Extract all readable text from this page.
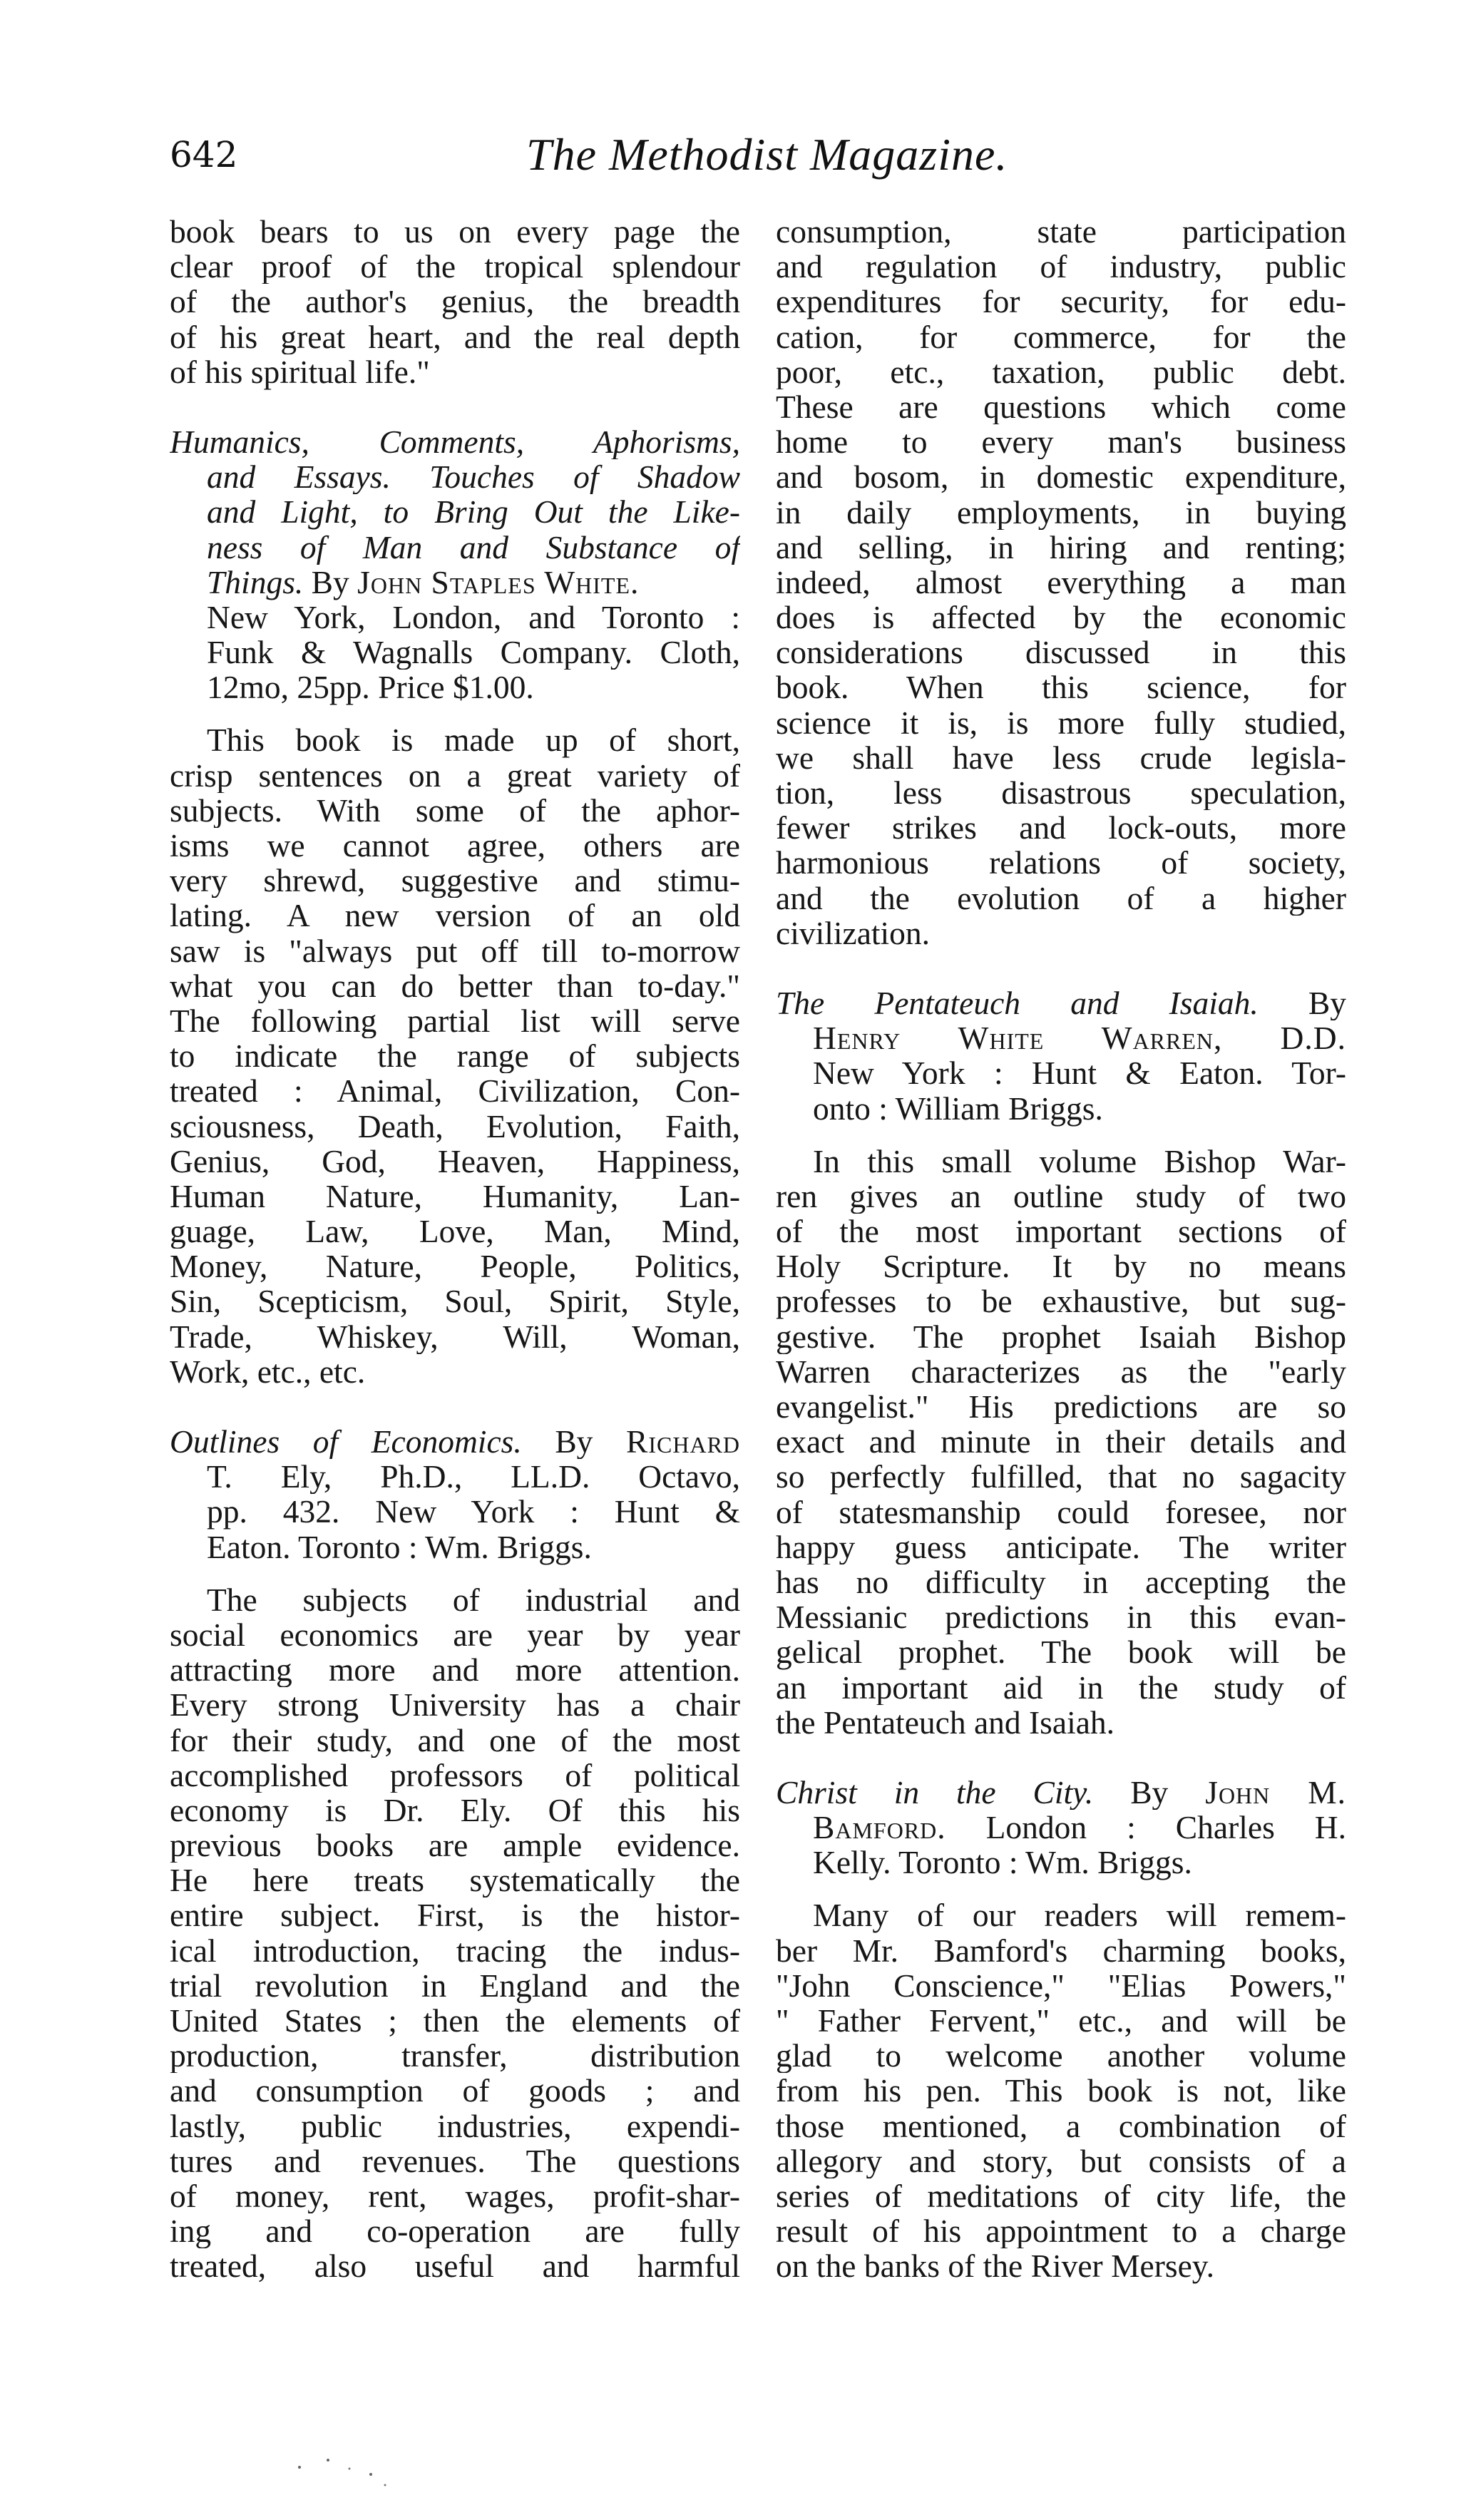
642	The Methodist Magazine.
book bears to us on every page the
clear proof of the tropical splendour
of the author's genius, the breadth
of his great heart, and the real depth
of his spiritual life."
Humanics, Comments, Aphorisms,
and Essays. Touches of Shadow
and Light, to Bring Out the Like-
ness of Man and Substance of
Things. By John Staples White.
New York, London, and Toronto :
Funk & Wagnalls Company. Cloth,
12mo, 25pp. Price $1.00.
This book is made up of short,
crisp sentences on a great variety of
subjects. With some of the aphor-
isms we cannot agree, others are
very shrewd, suggestive and stimu-
lating. A new version of an old
saw is "always put off till to-morrow
what you can do better than to-day."
The following partial list will serve
to indicate the range of subjects
treated : Animal, Civilization, Con-
sciousness, Death, Evolution, Faith,
Genius, God, Heaven, Happiness,
Human Nature, Humanity, Lan-
guage, Law, Love, Man, Mind,
Money, Nature, People, Politics,
Sin, Scepticism, Soul, Spirit, Style,
Trade, Whiskey, Will, Woman,
Work, etc., etc.
Outlines of Economics. By Richard
T. Ely, Ph.D., LL.D. Octavo,
pp. 432. New York : Hunt &
Eaton. Toronto : Wm. Briggs.
The subjects of industrial and
social economics are year by year
attracting more and more attention.
Every strong University has a chair
for their study, and one of the most
accomplished professors of political
economy is Dr. Ely. Of this his
previous books are ample evidence.
He here treats systematically the
entire subject. First, is the histor-
ical introduction, tracing the indus-
trial revolution in England and the
United States ; then the elements of
production, transfer, distribution
and consumption of goods ; and
lastly, public industries, expendi-
tures and revenues. The questions
of money, rent, wages, profit-shar-
ing and co-operation are fully
treated, also useful and harmful
consumption, state participation
and regulation of industry, public
expenditures for security, for edu-
cation, for commerce, for the
poor, etc., taxation, public debt.
These are questions which come
home to every man's business
and bosom, in domestic expenditure,
in daily employments, in buying
and selling, in hiring and renting;
indeed, almost everything a man
does is affected by the economic
considerations discussed in this
book. When this science, for
science it is, is more fully studied,
we shall have less crude legisla-
tion, less disastrous speculation,
fewer strikes and lock-outs, more
harmonious relations of society,
and the evolution of a higher
civilization.
The Pentateuch and Isaiah. By
Henry White Warren, D.D.
New York : Hunt & Eaton. Tor-
onto : William Briggs.
In this small volume Bishop War-
ren gives an outline study of two
of the most important sections of
Holy Scripture. It by no means
professes to be exhaustive, but sug-
gestive. The prophet Isaiah Bishop
Warren characterizes as the "early
evangelist." His predictions are so
exact and minute in their details and
so perfectly fulfilled, that no sagacity
of statesmanship could foresee, nor
happy guess anticipate. The writer
has no difficulty in accepting the
Messianic predictions in this evan-
gelical prophet. The book will be
an important aid in the study of
the Pentateuch and Isaiah.
Christ in the City. By John M.
Bamford. London : Charles H.
Kelly. Toronto : Wm. Briggs.
Many of our readers will remem-
ber Mr. Bamford's charming books,
"John Conscience," "Elias Powers,"
" Father Fervent," etc., and will be
glad to welcome another volume
from his pen. This book is not, like
those mentioned, a combination of
allegory and story, but consists of a
series of meditations of city life, the
result of his appointment to a charge
on the banks of the River Mersey.
